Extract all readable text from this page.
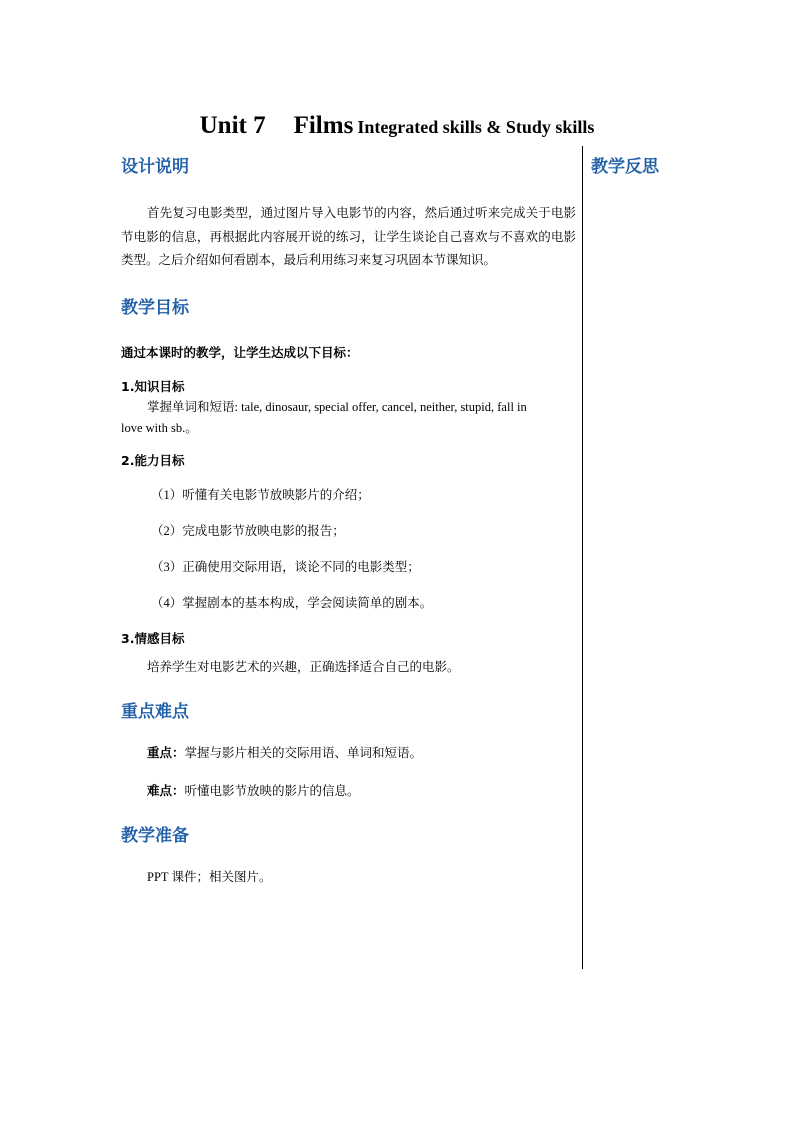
Unit 7 Films Integrated skills & Study skills

教学反思

设计说明

首先复习电影类型，通过图片导入电影节的内容，然后通过听来完成关于电影节电影的信息，再根据此内容展开说的练习，让学生谈论自己喜欢与不喜欢的电影类型。之后介绍如何看剧本，最后利用练习来复习巩固本节课知识。

教学目标

通过本课时的教学，让学生达成以下目标：

1.知识目标

掌握单词和短语: tale, dinosaur, special offer, cancel, neither, stupid, fall in

love with sb.。

2.能力目标

（1）听懂有关电影节放映影片的介绍；

（2）完成电影节放映电影的报告；

（3）正确使用交际用语，谈论不同的电影类型；

（4）掌握剧本的基本构成，学会阅读简单的剧本。

3.情感目标

培养学生对电影艺术的兴趣，正确选择适合自己的电影。

重点难点

重点：掌握与影片相关的交际用语、单词和短语。

难点：听懂电影节放映的影片的信息。

教学准备

PPT 课件；相关图片。
